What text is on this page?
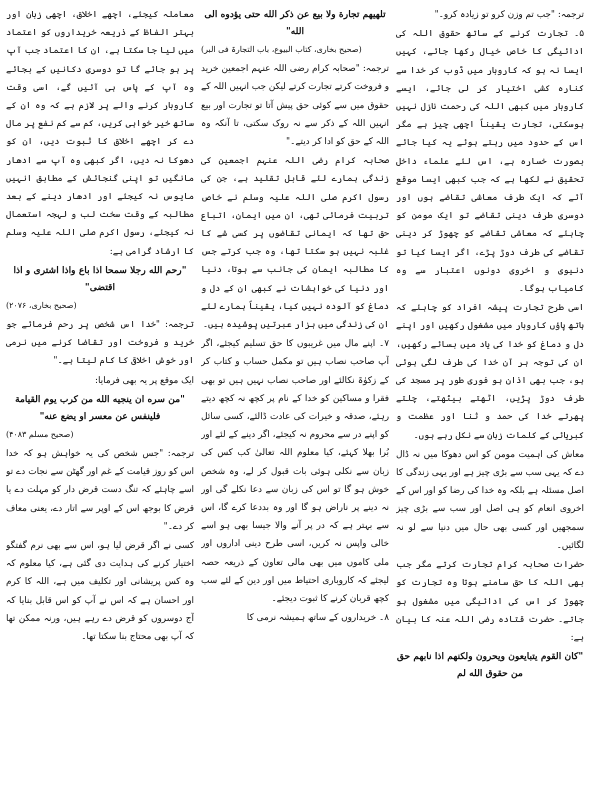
ترجمہ: "جب تم وزن کرو تو زیادہ کرو۔"

۵۔ تجارت کرنے کے ساتھ حقوق اللہ کی ادائیگی کا خاص خیال رکھا جائے، کہیں ایسا نہ ہو کہ کاروبار میں ڈوب کر خدا سے کنارہ کشی اختیار کر لی جائے، ایسے کاروبار میں کبھی اللہ کی رحمت نازل نہیں ہوسکتی، تجارت یقیناً اچھی چیز ہے مگر اس کے حدود میں رہتے ہوئے یہ کیا جائے بصورت خسارہ ہے، اس لئے علماء داخل تحقیق نے لکھا ہے کہ جب کبھی ایسا موقع آئے کہ ایک طرف معاشی تقاضے ہوں اور دوسری طرف دینی تقاضے تو ایک مومن کو چاہئے کہ معاشی تقاضے کو چھوڑ کر دینی تقاضے کی طرف دوڑ پڑے، اگر ایسا کیا تو دنیوی و اخروی دونوں اعتبار سے وہ کامیاب ہوگا۔

اسی طرح تجارت پیشہ افراد کو چاہئے کہ ہاتھ پاؤں کاروبار میں مشغول رکھیں اور اپنے دل و دماغ کو خدا کی یاد میں بسائے رکھیں، ان کی توجہ ہر آن خدا کی طرف لگی ہوئی ہو، جب بھی اذان ہو فوری طور پر مسجد کی طرف دوڑ پڑیں، اٹھتے بیٹھتے، چلتے پھرتے خدا کی حمد و ثنا اور عظمت و کبریائی کے کلمات زبان سے نکل رہے ہوں۔

معاش کی اہمیت مومن کو اس دھوکا میں نہ ڈال دے کہ یہی سب سے بڑی چیز ہے اور یہی زندگی کا اصل مسئلہ ہے بلکہ وہ خدا کی رضا کو اور اس کے اخروی انعام کو ہی اصل اور سب سے بڑی چیز سمجھیں اور کسی بھی حال میں دنیا سے لو نہ لگائیں۔

حضرات صحابہ کرام تجارت کرتے مگر جب بھی اللہ کا حق سامنے ہوتا وہ تجارت کو چھوڑ کر اس کی ادائیگی میں مشغول ہو جاتے۔ حضرت قتادہ رضی اللہ عنہ کا بیان ہے:

"كان القوم يتبايعون ويحرون ولكنهم اذا نابهم حق من حقوق الله لم

تلهيهم تجارة ولا بيع عن ذكر الله حتى يؤدوه الى الله"

(صحیح بخاری، کتاب البیوع، باب التجارۃ فی البر)

ترجمہ: "صحابہ کرام رضی اللہ عنہم اجمعین خرید و فروخت کرتے تجارت کرتے لیکن جب انہیں اللہ کے حقوق میں سے کوئی حق پیش آتا تو تجارت اور بیع انہیں اللہ کے ذکر سے نہ روک سکتی، تا آنکہ وہ اللہ کے حق کو ادا کر دیتے۔"

صحابہ کرام رضی اللہ عنہم اجمعین کی زندگی ہمارے لئے قابل تقلید ہے، جن کی رسول اکرم صلی اللہ علیہ وسلم نے خاص تربیت فرمائی تھی، ان میں ایمان، اتباع حق تھا کہ ایمانی تقاضوں پر کسی شے کا غلبہ نہیں ہو سکتا تھا، وہ جب کرتے جس کا مطالبہ ایمان کی جانب سے ہوتا، دنیا اور دنیا کی خواہشات نے کبھی ان کے دل و دماغ کو آلودہ نہیں کیا، یقیناً ہمارے لئے ان کی زندگی میں ہزار عبرتیں پوشیدہ ہیں۔

۷۔ اپنے مال میں غریبوں کا حق تسلیم کیجئے، اگر آپ صاحب نصاب ہیں تو مکمل حساب و کتاب کر کے زکوٰۃ نکالئے اور صاحب نصاب نہیں ہیں تو بھی فقرا و مساکین کو خدا کے نام پر کچھ نہ کچھ دیتے رہئے، صدقہ و خیرات کی عادت ڈالئے، کسی سائل کو اپنے در سے محروم نہ کیجئے، اگر دینے کے لئے اور بُرا بھلا کہئے، کیا معلوم اللہ تعالیٰ کب کس کی زبان سے نکلی ہوئی بات قبول کر لے، وہ شخص خوش ہو گا تو اس کی زبان سے دعا نکلے گی اور نہ دینے پر ناراض ہو گا اور وہ بددعا کرے گا، اس سے بہتر ہے کہ در پر آنے والا جیسا بھی ہو اسے خالی واپس نہ کریں، اسی طرح دینی اداروں اور ملی کاموں میں بھی مالی تعاون کے ذریعہ حصہ لیجئے کہ کاروباری احتیاط میں اور دین کے لئے سب کچھ قربان کرنے کا ثبوت دیجئے۔

۸۔ خریداروں کے ساتھ ہمیشہ نرمی کا

معاملہ کیجئے، اچھے اخلاق، اچھی زبان اور بہتر الفاظ کے ذریعہ خریداروں کو اعتماد میں لیا جا سکتا ہے، ان کا اعتماد جب آپ پر ہو جائے گا تو دوسری دکانیں کے بجائے وہ آپ کے پاس ہی آئیں گے، اسی وقت کاروبار کرنے والے پر لازم ہے کہ وہ ان کے ساتھ خیر خواہی کریں، کم سے کم نفع پر مال دے کر اچھے اخلاق کا ثبوت دیں، ان کو دھوکا نہ دیں، اگر کبھی وہ آپ سے ادھار مانگیں تو اپنی گنجائش کے مطابق انہیں مایوس نہ کیجئے اور ادھار دینے کے بعد مطالبہ کے وقت سخت لب و لہجہ استعمال نہ کیجئے، رسول اکرم صلی اللہ علیہ وسلم کا ارشاد گرامی ہے:

"رحم الله رجلا سمحا اذا باع واذا اشترى و اذا اقتضى"

(صحیح بخاری، ۲۰۷۶)

ترجمہ: "خدا اس شخص پر رحم فرمائے جو خرید و فروخت اور تقاضا کرنے میں نرمی اور خوش اخلاقی کا کام لیتا ہے۔"

ایک موقع پر یہ بھی فرمایا:

"من سره ان ينجيه الله من كرب يوم القيامة فلينفس عن معسر او يضع عنه"

(صحیح مسلم ۴۰۸۳)

ترجمہ: "جس شخص کی یہ خواہش ہو کہ خدا اس کو روز قیامت کے غم اور گھٹن سے نجات دے تو اسے چاہئے کہ تنگ دست قرض دار کو مہلت دے یا قرض کا بوجھ اس کے اوپر سے اتار دے، یعنی معاف کر دے۔"

کسی نے اگر قرض لیا ہو، اس سے بھی نرم گفتگو اختیار کرنے کی ہدایت دی گئی ہے، کیا معلوم کہ وہ کس پریشانی اور تکلیف میں ہے، اللہ کا کرم اور احسان ہے کہ اس نے آپ کو اس قابل بنایا کہ آج دوسروں کو قرض دے رہے ہیں، ورنہ ممکن تھا کہ آپ بھی محتاج بنا سکتا تھا۔
